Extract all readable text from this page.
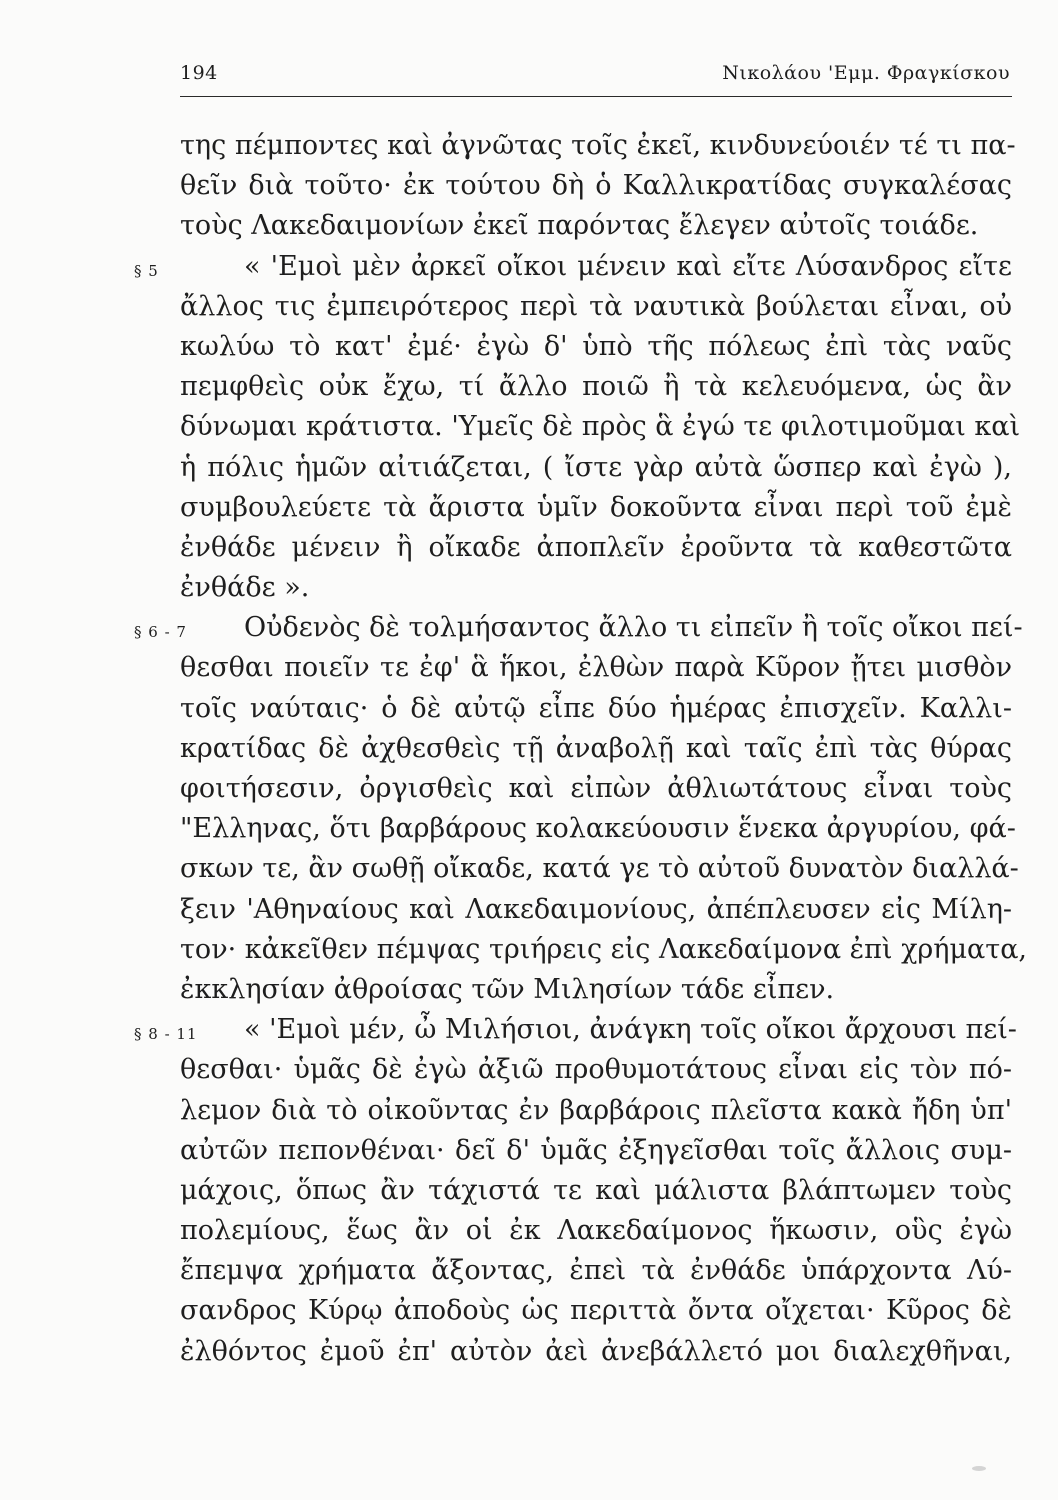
194	Νικολάου 'Εμμ. Φραγκίσκου
της πέμποντες καὶ ἀγνῶτας τοῖς ἐκεῖ, κινδυνεύοιέν τέ τι πα-
θεῖν διὰ τοῦτο· ἐκ τούτου δὴ ὁ Καλλικρατίδας συγκαλέσας
τοὺς Λακεδαιμονίων ἐκεῖ παρόντας ἔλεγεν αὐτοῖς τοιάδε.
§ 5	« 'Εμοὶ μὲν ἀρκεῖ οἴκοι μένειν καὶ εἴτε Λύσανδρος εἴτε
ἄλλος τις ἐμπειρότερος περὶ τὰ ναυτικὰ βούλεται εἶναι, οὐ
κωλύω τὸ κατ' ἐμέ· ἐγὼ δ' ὑπὸ τῆς πόλεως ἐπὶ τὰς ναῦς
πεμφθεὶς οὐκ ἔχω, τί ἄλλο ποιῶ ἢ τὰ κελευόμενα, ὡς ἂν
δύνωμαι κράτιστα. 'Υμεῖς δὲ πρὸς ἃ ἐγώ τε φιλοτιμοῦμαι καὶ
ἡ πόλις ἡμῶν αἰτιάζεται, ( ἴστε γὰρ αὐτὰ ὥσπερ καὶ ἐγὼ ),
συμβουλεύετε τὰ ἄριστα ὑμῖν δοκοῦντα εἶναι περὶ τοῦ ἐμὲ
ἐνθάδε μένειν ἢ οἴκαδε ἀποπλεῖν ἐροῦντα τὰ καθεστῶτα
ἐνθάδε ».
§ 6 - 7 Οὐδενὸς δὲ τολμήσαντος ἄλλο τι εἰπεῖν ἢ τοῖς οἴκοι πεί-
θεσθαι ποιεῖν τε ἐφ' ἃ ἥκοι, ἐλθὼν παρὰ Κῦρον ᾔτει μισθὸν
τοῖς ναύταις· ὁ δὲ αὐτῷ εἶπε δύο ἡμέρας ἐπισχεῖν. Καλλι-
κρατίδας δὲ ἀχθεσθεὶς τῇ ἀναβολῇ καὶ ταῖς ἐπὶ τὰς θύρας
φοιτήσεσιν, ὀργισθεὶς καὶ εἰπὼν ἀθλιωτάτους εἶναι τοὺς
"Ελληνας, ὅτι βαρβάρους κολακεύουσιν ἕνεκα ἀργυρίου, φά-
σκων τε, ἂν σωθῇ οἴκαδε, κατά γε τὸ αὐτοῦ δυνατὸν διαλλά-
ξειν 'Αθηναίους καὶ Λακεδαιμονίους, ἀπέπλευσεν εἰς Μίλη-
τον· κἀκεῖθεν πέμψας τριήρεις εἰς Λακεδαίμονα ἐπὶ χρήματα,
ἐκκλησίαν ἀθροίσας τῶν Μιλησίων τάδε εἶπεν.
§ 8 - 11 « 'Εμοὶ μέν, ὦ Μιλήσιοι, ἀνάγκη τοῖς οἴκοι ἄρχουσι πεί-
θεσθαι· ὑμᾶς δὲ ἐγὼ ἀξιῶ προθυμοτάτους εἶναι εἰς τὸν πό-
λεμον διὰ τὸ οἰκοῦντας ἐν βαρβάροις πλεῖστα κακὰ ἤδη ὑπ'
αὐτῶν πεπονθέναι· δεῖ δ' ὑμᾶς ἐξηγεῖσθαι τοῖς ἄλλοις συμ-
μάχοις, ὅπως ἂν τάχιστά τε καὶ μάλιστα βλάπτωμεν τοὺς
πολεμίους, ἕως ἂν οἱ ἐκ Λακεδαίμονος ἥκωσιν, οὓς ἐγὼ
ἔπεμψα χρήματα ἄξοντας, ἐπεὶ τὰ ἐνθάδε ὑπάρχοντα Λύ-
σανδρος Κύρῳ ἀποδοὺς ὡς περιττὰ ὄντα οἴχεται· Κῦρος δὲ
ἐλθόντος ἐμοῦ ἐπ' αὐτὸν ἀεὶ ἀνεβάλλετό μοι διαλεχθῆναι,
